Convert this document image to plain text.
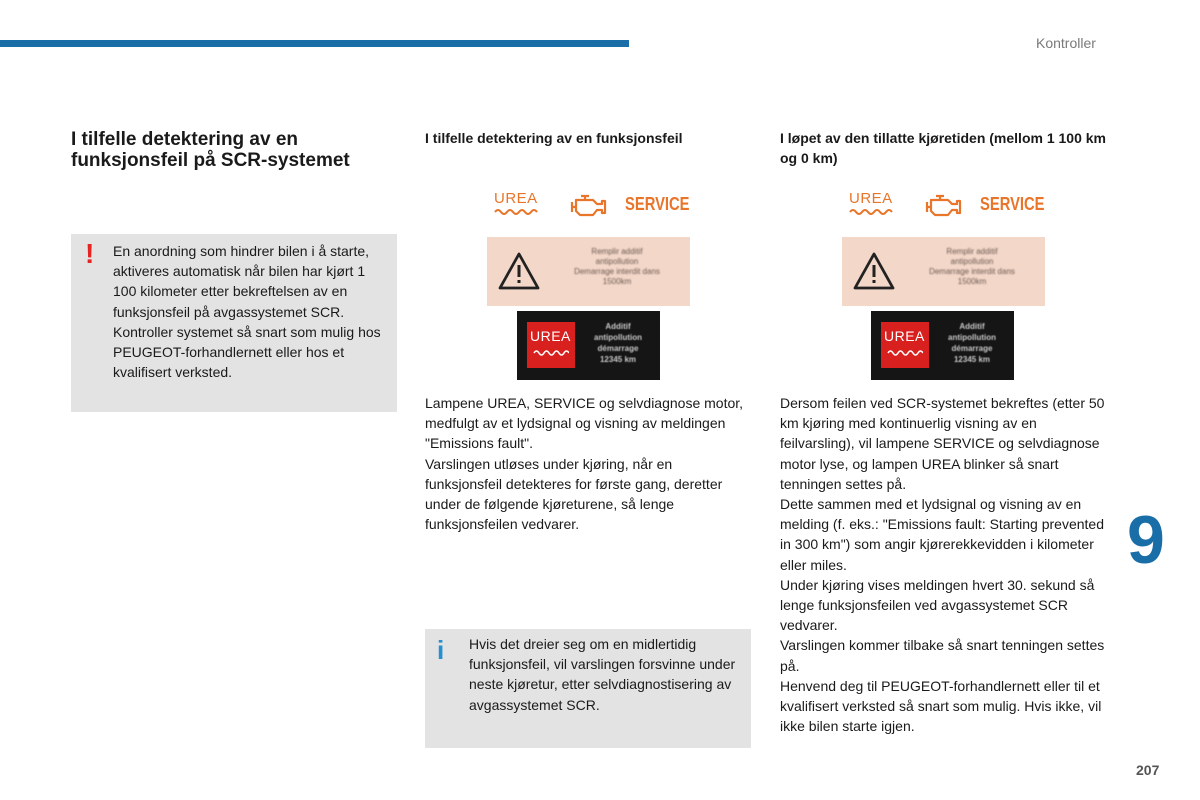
Kontroller
I tilfelle detektering av en funksjonsfeil på SCR-systemet
! En anordning som hindrer bilen i å starte, aktiveres automatisk når bilen har kjørt 1 100 kilometer etter bekreftelsen av en funksjonsfeil på avgassystemet SCR. Kontroller systemet så snart som mulig hos PEUGEOT-forhandlernett eller hos et kvalifisert verksted.
I tilfelle detektering av en funksjonsfeil
UREA	SERVICE
Remplir additif
antipollution
Demarrage interdit dans
1500km
UREA
Additif
antipollution
démarrage
12345 km
Lampene UREA, SERVICE og selvdiagnose motor, medfulgt av et lydsignal og visning av meldingen "Emissions fault".
Varslingen utløses under kjøring, når en funksjonsfeil detekteres for første gang, deretter under de følgende kjøreturene, så lenge funksjonsfeilen vedvarer.
i Hvis det dreier seg om en midlertidig funksjonsfeil, vil varslingen forsvinne under neste kjøretur, etter selvdiagnostisering av avgassystemet SCR.
I løpet av den tillatte kjøretiden (mellom 1 100 km og 0 km)
UREA	SERVICE
Remplir additif
antipollution
Demarrage interdit dans
1500km
UREA
Additif
antipollution
démarrage
12345 km
Dersom feilen ved SCR-systemet bekreftes (etter 50 km kjøring med kontinuerlig visning av en feilvarsling), vil lampene SERVICE og selvdiagnose motor lyse, og lampen UREA blinker så snart tenningen settes på.
Dette sammen med et lydsignal og visning av en melding (f. eks.: "Emissions fault: Starting prevented in 300 km") som angir kjørerekkevidden i kilometer eller miles.
Under kjøring vises meldingen hvert 30. sekund så lenge funksjonsfeilen ved avgassystemet SCR vedvarer.
Varslingen kommer tilbake så snart tenningen settes på.
Henvend deg til PEUGEOT-forhandlernett eller til et kvalifisert verksted så snart som mulig. Hvis ikke, vil ikke bilen starte igjen.
9
207
